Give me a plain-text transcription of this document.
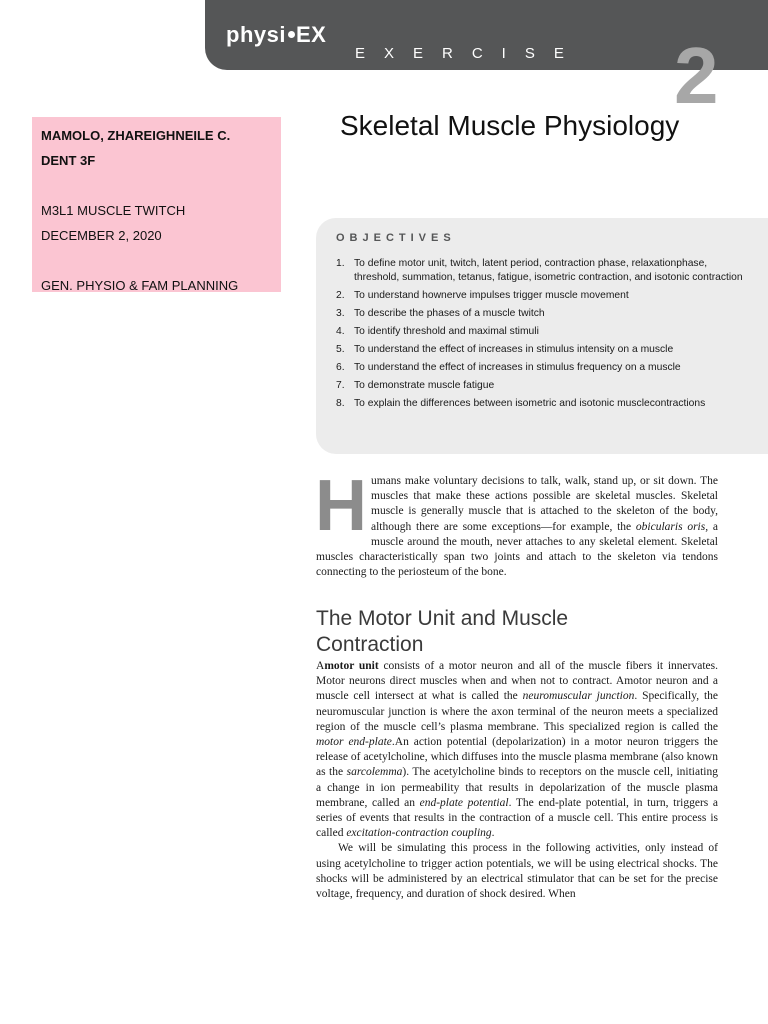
physi EX
EXERCISE 2
MAMOLO, ZHAREIGHNEILE C.
DENT 3F
M3L1 MUSCLE TWITCH
DECEMBER 2, 2020
GEN. PHYSIO & FAM PLANNING
Skeletal Muscle Physiology
OBJECTIVES
1. To define motor unit, twitch, latent period, contraction phase, relaxationphase, threshold, summation, tetanus, fatigue, isometric contraction, and isotonic contraction
2. To understand hownerve impulses trigger muscle movement
3. To describe the phases of a muscle twitch
4. To identify threshold and maximal stimuli
5. To understand the effect of increases in stimulus intensity on a muscle
6. To understand the effect of increases in stimulus frequency on a muscle
7. To demonstrate muscle fatigue
8. To explain the differences between isometric and isotonic musclecontractions
Humans make voluntary decisions to talk, walk, stand up, or sit down. The muscles that make these actions possible are skeletal muscles. Skeletal muscle is generally muscle that is attached to the skeleton of the body, although there are some exceptions—for example, the obicularis oris, a muscle around the mouth, never attaches to any skeletal element. Skeletal muscles characteristically span two joints and attach to the skeleton via tendons connecting to the periosteum of the bone.
The Motor Unit and Muscle Contraction

Amotor unit consists of a motor neuron and all of the muscle fibers it innervates. Motor neurons direct muscles when and when not to contract. Amotor neuron and a muscle cell intersect at what is called the neuromuscular junction. Specifically, the neuromuscular junction is where the axon terminal of the neuron meets a specialized region of the muscle cell’s plasma membrane. This specialized region is called the motor end-plate.An action potential (depolarization) in a motor neuron triggers the release of acetylcholine, which diffuses into the muscle plasma membrane (also known as the sarcolemma). The acetylcholine binds to receptors on the muscle cell, initiating a change in ion permeability that results in depolarization of the muscle plasma membrane, called an end-plate potential. The end-plate potential, in turn, triggers a series of events that results in the contraction of a muscle cell. This entire process is called excitation-contraction coupling.

We will be simulating this process in the following activities, only instead of using acetylcholine to trigger action potentials, we will be using electrical shocks. The shocks will be administered by an electrical stimulator that can be set for the precise voltage, frequency, and duration of shock desired. When
